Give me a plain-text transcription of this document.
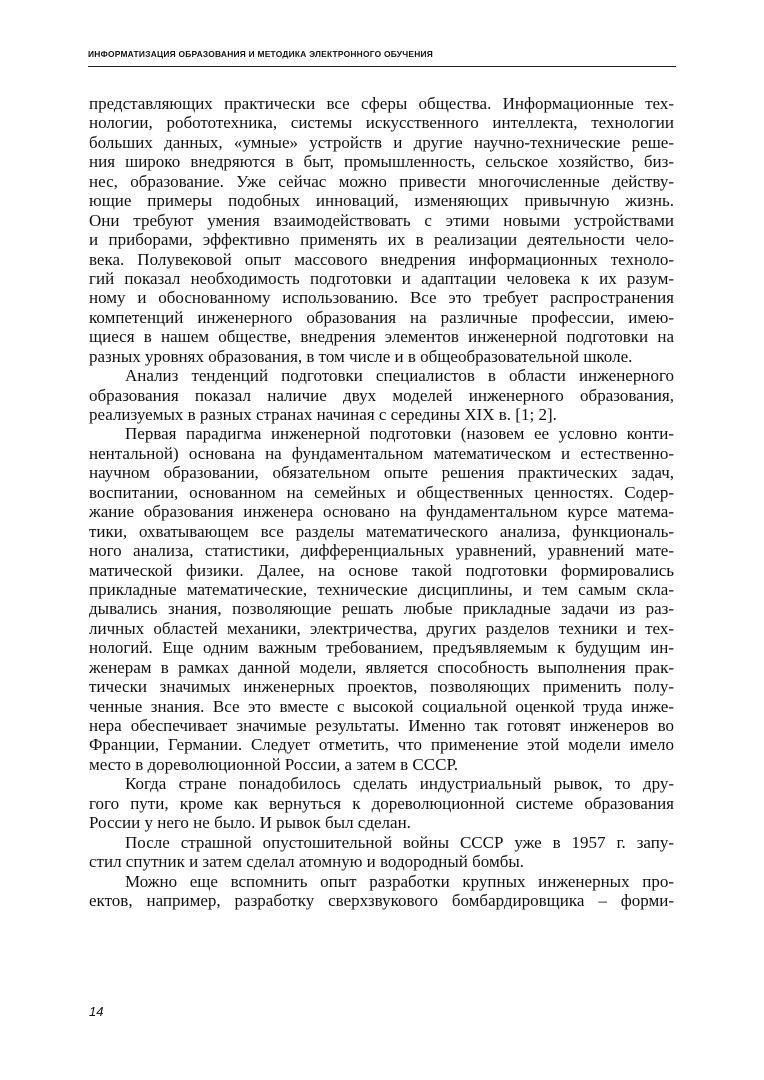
ИНФОРМАТИЗАЦИЯ ОБРАЗОВАНИЯ И МЕТОДИКА ЭЛЕКТРОННОГО ОБУЧЕНИЯ
представляющих практически все сферы общества. Информационные тех-
нологии, робототехника, системы искусственного интеллекта, технологии
больших данных, «умные» устройств и другие научно-технические реше-
ния широко внедряются в быт, промышленность, сельское хозяйство, биз-
нес, образование. Уже сейчас можно привести многочисленные действу-
ющие примеры подобных инноваций, изменяющих привычную жизнь.
Они требуют умения взаимодействовать с этими новыми устройствами
и приборами, эффективно применять их в реализации деятельности чело-
века. Полувековой опыт массового внедрения информационных техноло-
гий показал необходимость подготовки и адаптации человека к их разум-
ному и обоснованному использованию. Все это требует распространения
компетенций инженерного образования на различные профессии, имею-
щиеся в нашем обществе, внедрения элементов инженерной подготовки на
разных уровнях образования, в том числе и в общеобразовательной школе.
Анализ тенденций подготовки специалистов в области инженерного
образования показал наличие двух моделей инженерного образования,
реализуемых в разных странах начиная с середины XIX в. [1; 2].
Первая парадигма инженерной подготовки (назовем ее условно конти-
нентальной) основана на фундаментальном математическом и естественно-
научном образовании, обязательном опыте решения практических задач,
воспитании, основанном на семейных и общественных ценностях. Содер-
жание образования инженера основано на фундаментальном курсе матема-
тики, охватывающем все разделы математического анализа, функциональ-
ного анализа, статистики, дифференциальных уравнений, уравнений мате-
матической физики. Далее, на основе такой подготовки формировались
прикладные математические, технические дисциплины, и тем самым скла-
дывались знания, позволяющие решать любые прикладные задачи из раз-
личных областей механики, электричества, других разделов техники и тех-
нологий. Еще одним важным требованием, предъявляемым к будущим ин-
женерам в рамках данной модели, является способность выполнения прак-
тически значимых инженерных проектов, позволяющих применить полу-
ченные знания. Все это вместе с высокой социальной оценкой труда инже-
нера обеспечивает значимые результаты. Именно так готовят инженеров во
Франции, Германии. Следует отметить, что применение этой модели имело
место в дореволюционной России, а затем в СССР.
Когда стране понадобилось сделать индустриальный рывок, то дру-
гого пути, кроме как вернуться к дореволюционной системе образования
России у него не было. И рывок был сделан.
После страшной опустошительной войны СССР уже в 1957 г. запу-
стил спутник и затем сделал атомную и водородный бомбы.
Можно еще вспомнить опыт разработки крупных инженерных про-
ектов, например, разработку сверхзвукового бомбардировщика – форми-
14
